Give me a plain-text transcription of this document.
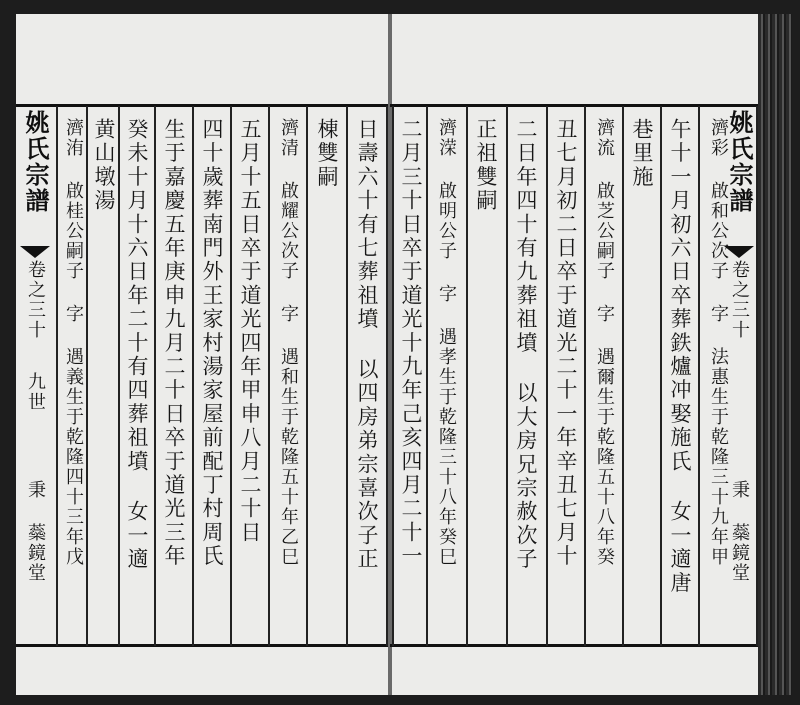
姚氏宗譜
卷之三十
秉 蘂鏡堂
姚氏宗譜
卷之三十
九世
秉 蘂鏡堂	濟彩 啟和公次子 字 法惠生于乾隆三十九年甲
午十一月初六日卒葬鉄爐冲娶施氏 女一適唐
巷里施
濟流 啟芝公嗣子 字 遇爾生于乾隆五十八年癸
丑七月初二日卒于道光二十一年辛丑七月十
二日年四十有九葬祖墳 以大房兄宗赦次子
正祖雙嗣
濟溁 啟明公子 字 遇孝生于乾隆三十八年癸巳
二月三十日卒于道光十九年己亥四月二十一
日壽六十有七葬祖墳 以四房弟宗喜次子正
棟雙嗣
濟清 啟耀公次子 字 遇和生于乾隆五十年乙巳
五月十五日卒于道光四年甲申八月二十日
四十歲葬南門外王家村湯家屋前配丁村周氏
生于嘉慶五年庚申九月二十日卒于道光三年
癸未十月十六日年二十有四葬祖墳 女一適
黄山墩湯
濟洧 啟桂公嗣子 字 遇義生于乾隆四十三年戊
